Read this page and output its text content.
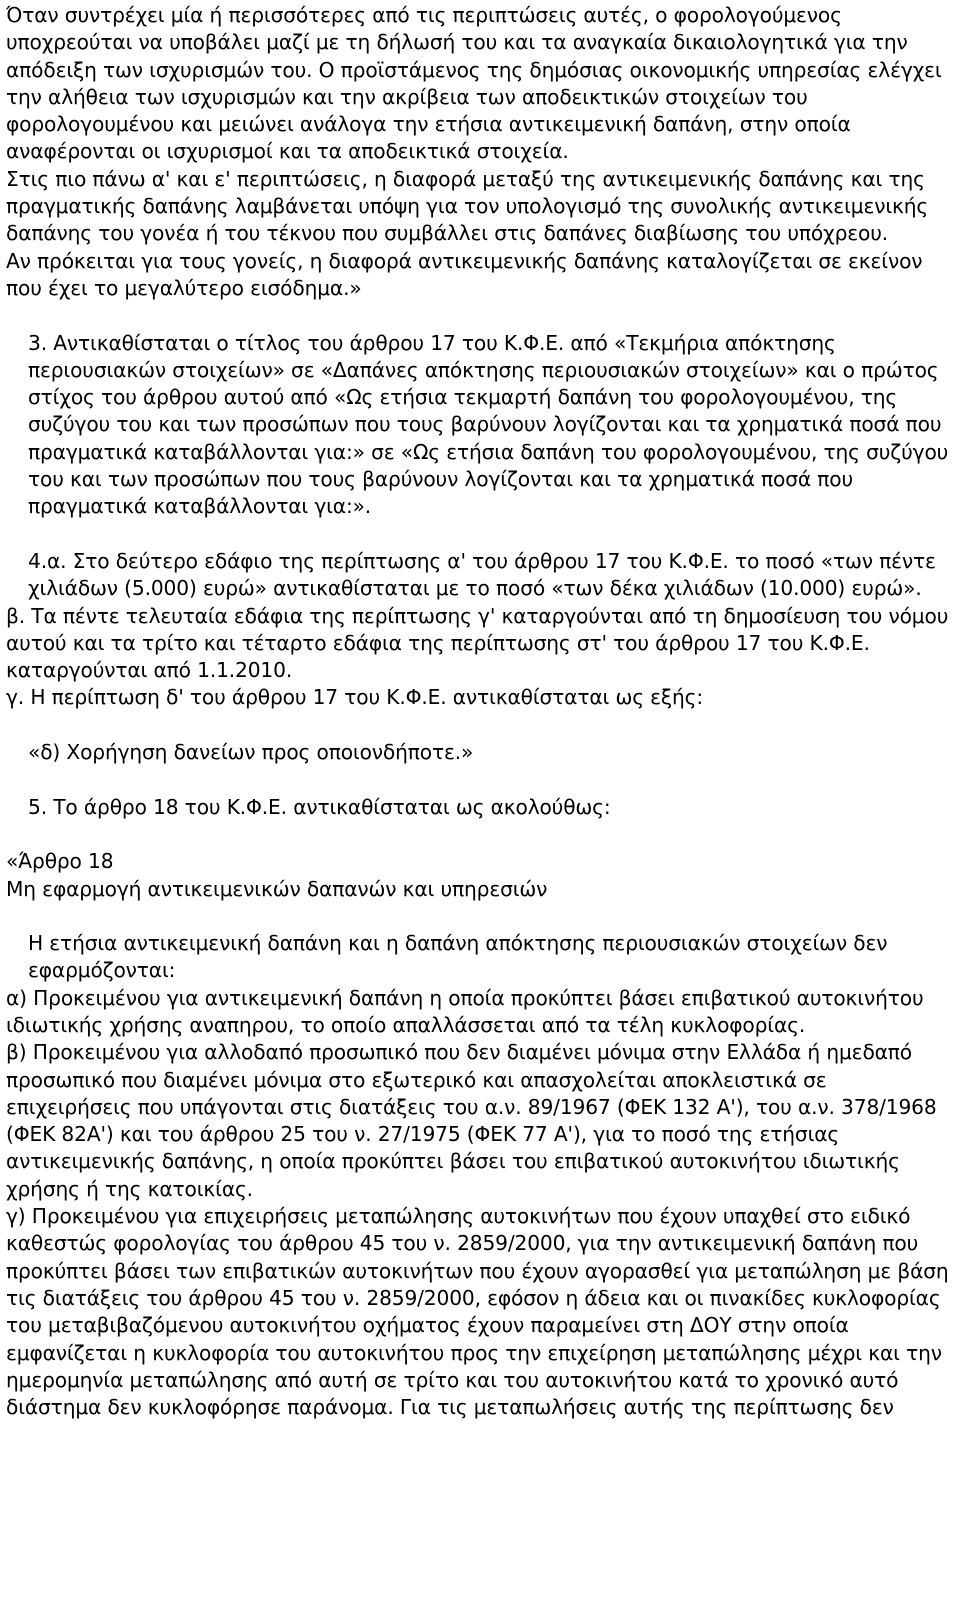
Όταν συντρέχει μία ή περισσότερες από τις περιπτώσεις αυτές, ο φορολογούμενος υποχρεούται να υποβάλει μαζί με τη δήλωσή του και τα αναγκαία δικαιολογητικά για την απόδειξη των ισχυρισμών του. Ο προϊστάμενος της δημόσιας οικονομικής υπηρεσίας ελέγχει την αλήθεια των ισχυρισμών και την ακρίβεια των αποδεικτικών στοιχείων του φορολογουμένου και μειώνει ανάλογα την ετήσια αντικειμενική δαπάνη, στην οποία αναφέρονται οι ισχυρισμοί και τα αποδεικτικά στοιχεία.

Στις πιο πάνω α' και ε' περιπτώσεις, η διαφορά μεταξύ της αντικειμενικής δαπάνης και της πραγματικής δαπάνης λαμβάνεται υπόψη για τον υπολογισμό της συνολικής αντικειμενικής δαπάνης του γονέα ή του τέκνου που συμβάλλει στις δαπάνες διαβίωσης του υπόχρεου.

Αν πρόκειται για τους γονείς, η διαφορά αντικειμενικής δαπάνης καταλογίζεται σε εκείνον που έχει το μεγαλύτερο εισόδημα.»

3. Αντικαθίσταται ο τίτλος του άρθρου 17 του Κ.Φ.Ε. από «Τεκμήρια απόκτησης περιουσιακών στοιχείων» σε «Δαπάνες απόκτησης περιουσιακών στοιχείων» και ο πρώτος στίχος του άρθρου αυτού από «Ως ετήσια τεκμαρτή δαπάνη του φορολογουμένου, της συζύγου του και των προσώπων που τους βαρύνουν λογίζονται και τα χρηματικά ποσά που πραγματικά καταβάλλονται για:» σε «Ως ετήσια δαπάνη του φορολογουμένου, της συζύγου του και των προσώπων που τους βαρύνουν λογίζονται και τα χρηματικά ποσά που πραγματικά καταβάλλονται για:».

4.α. Στο δεύτερο εδάφιο της περίπτωσης α' του άρθρου 17 του Κ.Φ.Ε. το ποσό «των πέντε χιλιάδων (5.000) ευρώ» αντικαθίσταται με το ποσό «των δέκα χιλιάδων (10.000) ευρώ».

β. Τα πέντε τελευταία εδάφια της περίπτωσης γ' καταργούνται από τη δημοσίευση του νόμου αυτού και τα τρίτο και τέταρτο εδάφια της περίπτωσης στ' του άρθρου 17 του Κ.Φ.Ε. καταργούνται από 1.1.2010.

γ. Η περίπτωση δ' του άρθρου 17 του Κ.Φ.Ε. αντικαθίσταται ως εξής:

«δ) Χορήγηση δανείων προς οποιονδήποτε.»

5. Το άρθρο 18 του Κ.Φ.Ε. αντικαθίσταται ως ακολούθως:

«Άρθρο 18

Μη εφαρμογή αντικειμενικών δαπανών και υπηρεσιών

Η ετήσια αντικειμενική δαπάνη και η δαπάνη απόκτησης περιουσιακών στοιχείων δεν εφαρμόζονται:

α) Προκειμένου για αντικειμενική δαπάνη η οποία προκύπτει βάσει επιβατικού αυτοκινήτου ιδιωτικής χρήσης αναπηρου, το οποίο απαλλάσσεται από τα τέλη κυκλοφορίας.

β) Προκειμένου για αλλοδαπό προσωπικό που δεν διαμένει μόνιμα στην Ελλάδα ή ημεδαπό προσωπικό που διαμένει μόνιμα στο εξωτερικό και απασχολείται αποκλειστικά σε επιχειρήσεις που υπάγονται στις διατάξεις του α.ν. 89/1967 (ΦΕΚ 132 Α'), του α.ν. 378/1968 (ΦΕΚ 82Α') και του άρθρου 25 του ν. 27/1975 (ΦΕΚ 77 Α'), για το ποσό της ετήσιας αντικειμενικής δαπάνης, η οποία προκύπτει βάσει του επιβατικού αυτοκινήτου ιδιωτικής χρήσης ή της κατοικίας.

γ) Προκειμένου για επιχειρήσεις μεταπώλησης αυτοκινήτων που έχουν υπαχθεί στο ειδικό καθεστώς φορολογίας του άρθρου 45 του ν. 2859/2000, για την αντικειμενική δαπάνη που προκύπτει βάσει των επιβατικών αυτοκινήτων που έχουν αγορασθεί για μεταπώληση με βάση τις διατάξεις του άρθρου 45 του ν. 2859/2000, εφόσον η άδεια και οι πινακίδες κυκλοφορίας του μεταβιβαζόμενου αυτοκινήτου οχήματος έχουν παραμείνει στη ΔΟΥ στην οποία εμφανίζεται η κυκλοφορία του αυτοκινήτου προς την επιχείρηση μεταπώλησης μέχρι και την ημερομηνία μεταπώλησης από αυτή σε τρίτο και του αυτοκινήτου κατά το χρονικό αυτό διάστημα δεν κυκλοφόρησε παράνομα. Για τις μεταπωλήσεις αυτής της περίπτωσης δεν
